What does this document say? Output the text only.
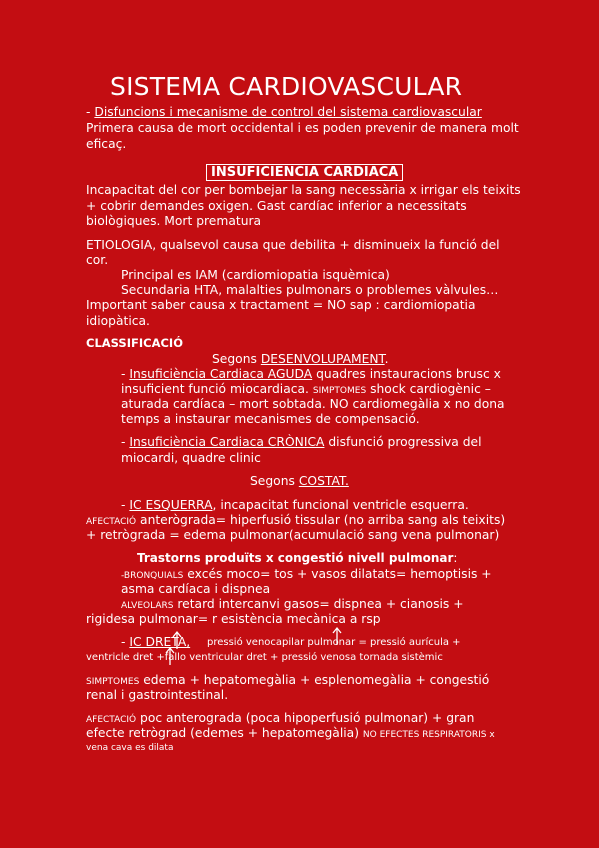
SISTEMA CARDIOVASCULAR
- Disfuncions i mecanisme de control del sistema cardiovascular
Primera causa de mort occidental i es poden prevenir de manera molt
eficaç.
INSUFICIENCIA CARDIACA
Incapacitat del cor per bombejar la sang necessària x irrigar els teixits
+ cobrir demandes oxigen. Gast cardíac inferior a necessitats
biològiques. Mort prematura
ETIOLOGIA, qualsevol causa que debilita + disminueix la funció del
cor.
Principal es IAM (cardiomiopatia isquèmica)
Secundaria HTA, malalties pulmonars o problemes vàlvules…
Important saber causa x tractament = NO sap : cardiomiopatia
idiopàtica.
CLASSIFICACIÓ
Segons DESENVOLUPAMENT.
- Insuficiència Cardiaca AGUDA quadres instauracions brusc x
insuficient funció miocardiaca. SIMPTOMES shock cardiogènic –
aturada cardíaca – mort sobtada. NO cardiomegàlia x no dona
temps a instaurar mecanismes de compensació.
- Insuficiència Cardiaca CRÒNICA disfunció progressiva del
miocardi, quadre clinic
Segons COSTAT.
- IC ESQUERRA, incapacitat funcional ventricle esquerra.
AFECTACIÓ anterògrada= hiperfusió tissular (no arriba sang als teixits)
+ retrògrada = edema pulmonar(acumulació sang vena pulmonar)
Trastorns produïts x congestió nivell pulmonar:
-BRONQUIALS excés moco= tos + vasos dilatats= hemoptisis +
asma cardíaca i dispnea
ALVEOLARS retard intercanvi gasos= dispnea + cianosis +
rigidesa pulmonar= r esistència mecànica a rsp
- IC DRETA, pressió venocapilar pulmonar = pressió aurícula +
ventricle dret +fallo ventricular dret + pressió venosa tornada sistèmic
SIMPTOMES edema + hepatomegàlia + esplenomegàlia + congestió
renal i gastrointestinal.
AFECTACIÓ poc anterograda (poca hipoperfusió pulmonar) + gran
efecte retrògrad (edemes + hepatomegàlia) NO EFECTES RESPIRATORIS x
vena cava es dilata
